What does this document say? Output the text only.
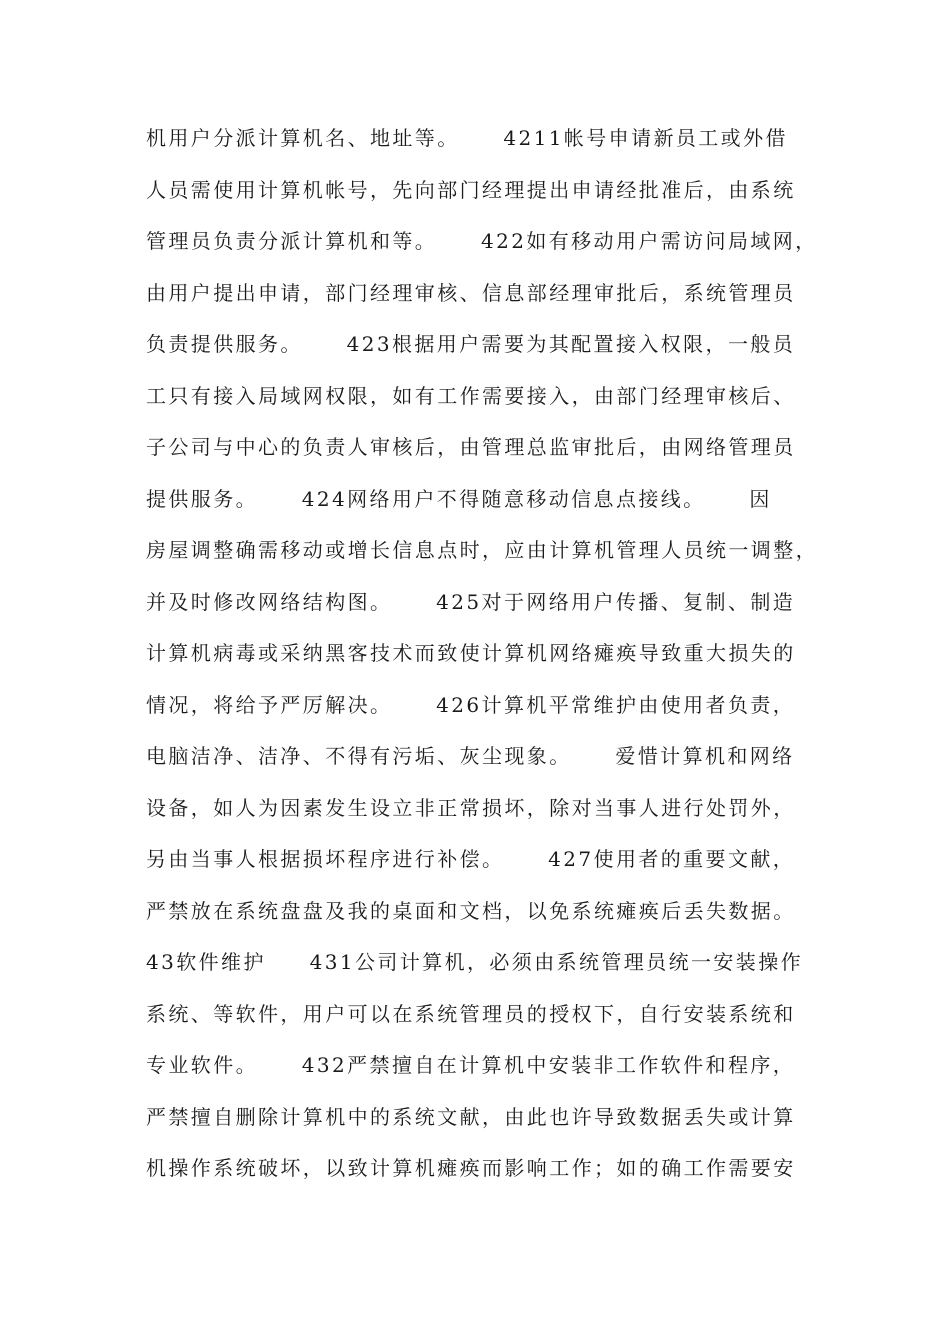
机用户分派计算机名、地址等。     4211帐号申请新员工或外借
人员需使用计算机帐号，先向部门经理提出申请经批准后，由系统
管理员负责分派计算机和等。     422如有移动用户需访问局域网，
由用户提出申请，部门经理审核、信息部经理审批后，系统管理员
负责提供服务。     423根据用户需要为其配置接入权限，一般员
工只有接入局域网权限，如有工作需要接入，由部门经理审核后、
子公司与中心的负责人审核后，由管理总监审批后，由网络管理员
提供服务。     424网络用户不得随意移动信息点接线。     因
房屋调整确需移动或增长信息点时，应由计算机管理人员统一调整，
并及时修改网络结构图。     425对于网络用户传播、复制、制造
计算机病毒或采纳黑客技术而致使计算机网络瘫痪导致重大损失的
情况，将给予严厉解决。     426计算机平常维护由使用者负责，
电脑洁净、洁净、不得有污垢、灰尘现象。     爱惜计算机和网络
设备，如人为因素发生设立非正常损坏，除对当事人进行处罚外，
另由当事人根据损坏程序进行补偿。     427使用者的重要文献，
严禁放在系统盘盘及我的桌面和文档，以免系统瘫痪后丢失数据。
43软件维护     431公司计算机，必须由系统管理员统一安装操作
系统、等软件，用户可以在系统管理员的授权下，自行安装系统和
专业软件。     432严禁擅自在计算机中安装非工作软件和程序，
严禁擅自删除计算机中的系统文献，由此也许导致数据丢失或计算
机操作系统破坏，以致计算机瘫痪而影响工作；如的确工作需要安
